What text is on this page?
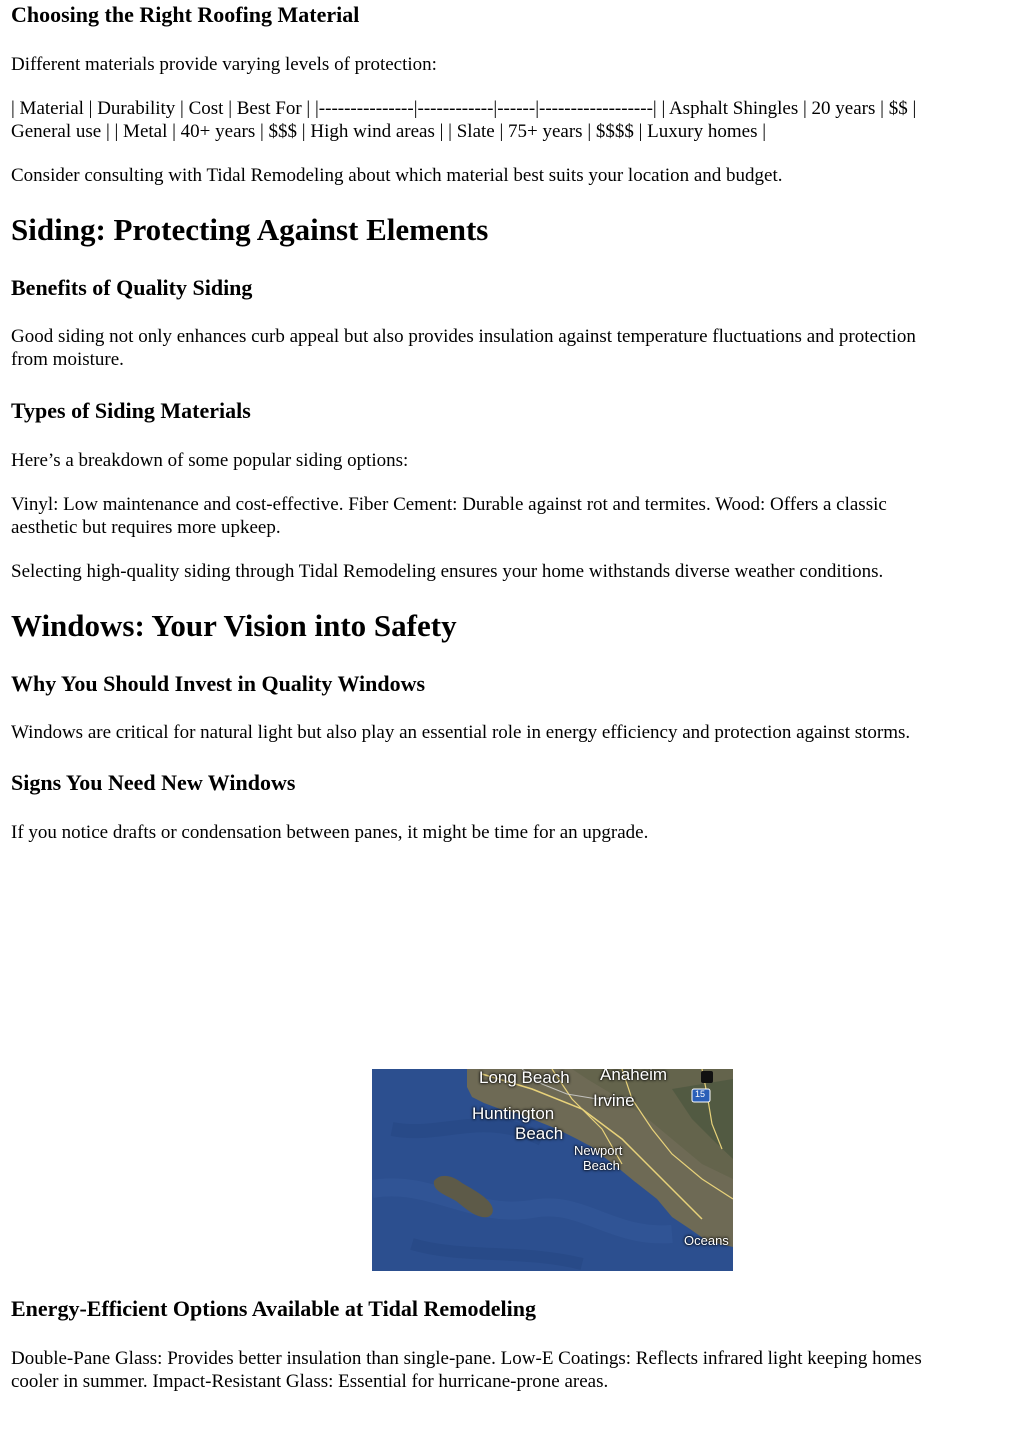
Choosing the Right Roofing Material

Different materials provide varying levels of protection:

| Material | Durability | Cost | Best For | |---------------|------------|------|------------------| | Asphalt Shingles | 20 years | $$ |

General use | | Metal | 40+ years | $$$ | High wind areas | | Slate | 75+ years | $$$$ | Luxury homes |

Consider consulting with Tidal Remodeling about which material best suits your location and budget.

Siding: Protecting Against Elements
Benefits of Quality Siding

Good siding not only enhances curb appeal but also provides insulation against temperature fluctuations and protection

from moisture.

Types of Siding Materials

Here’s a breakdown of some popular siding options:

Vinyl: Low maintenance and cost-effective. Fiber Cement: Durable against rot and termites. Wood: Offers a classic

aesthetic but requires more upkeep.

Selecting high-quality siding through Tidal Remodeling ensures your home withstands diverse weather conditions.

Windows: Your Vision into Safety
Why You Should Invest in Quality Windows

Windows are critical for natural light but also play an essential role in energy efficiency and protection against storms.

Signs You Need New Windows

If you notice drafts or condensation between panes, it might be time for an upgrade.

Long Beach Anaheim
Irvine
Huntington
Beach
Newport
Beach
Oceans
15
Energy-Efficient Options Available at Tidal Remodeling

Double-Pane Glass: Provides better insulation than single-pane. Low-E Coatings: Reflects infrared light keeping homes

cooler in summer. Impact-Resistant Glass: Essential for hurricane-prone areas.
